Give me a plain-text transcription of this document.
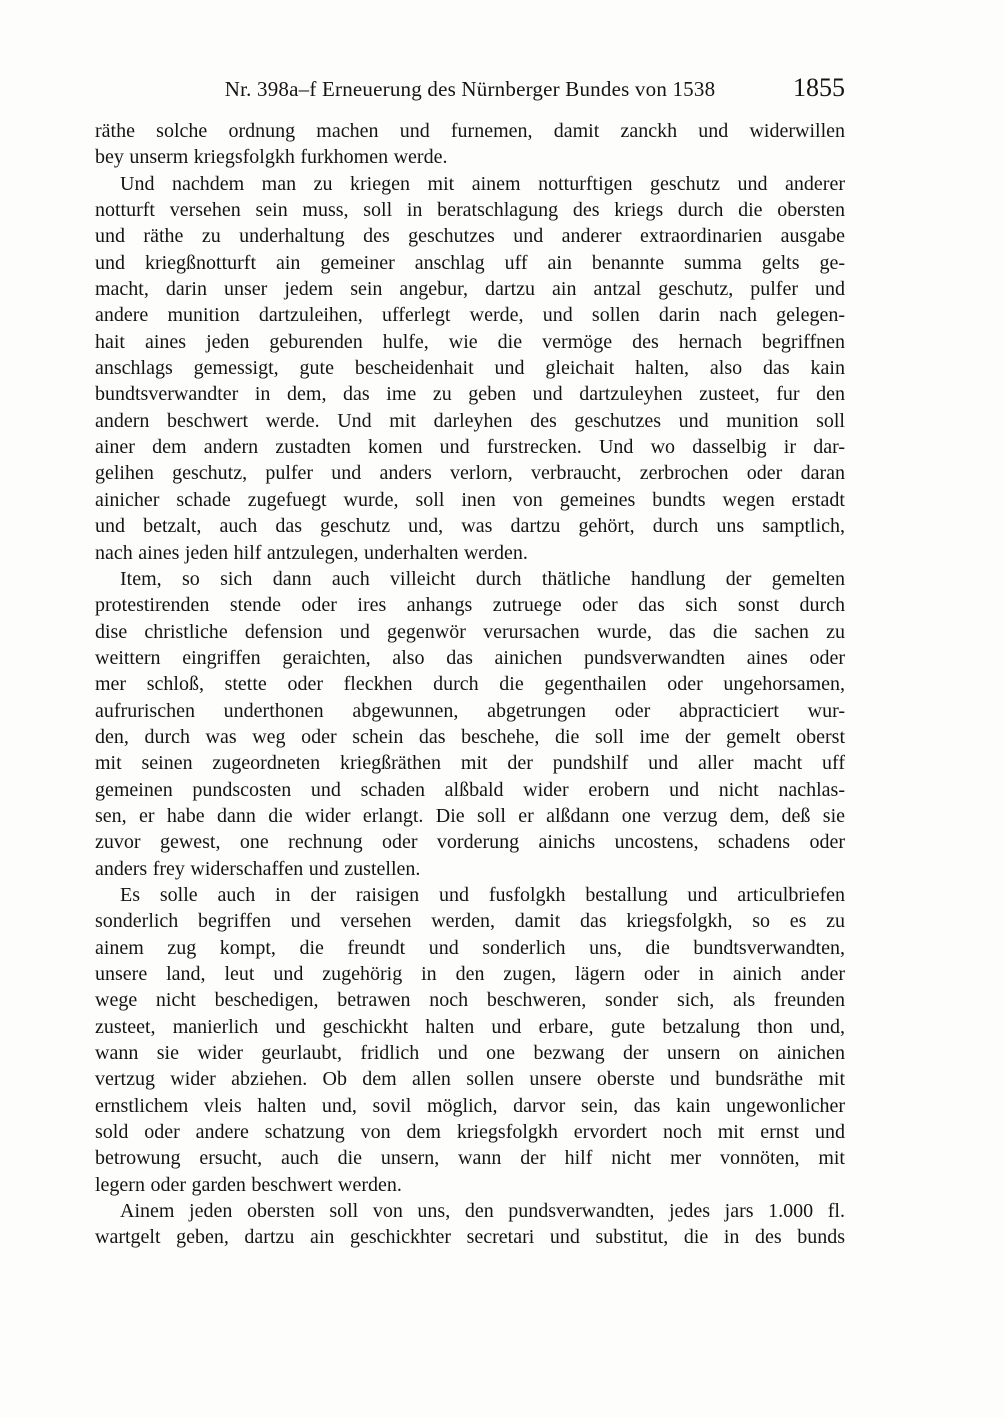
Nr. 398a–f Erneuerung des Nürnberger Bundes von 1538	1855
räthe solche ordnung machen und furnemen, damit zanckh und widerwillen
bey unserm kriegsfolgkh furkhomen werde.
Und nachdem man zu kriegen mit ainem notturftigen geschutz und anderer
notturft versehen sein muss, soll in beratschlagung des kriegs durch die obersten
und räthe zu underhaltung des geschutzes und anderer extraordinarien ausgabe
und kriegßnotturft ain gemeiner anschlag uff ain benannte summa gelts ge-
macht, darin unser jedem sein angebur, dartzu ain antzal geschutz, pulfer und
andere munition dartzuleihen, ufferlegt werde, und sollen darin nach gelegen-
hait aines jeden geburenden hulfe, wie die vermöge des hernach begriffnen
anschlags gemessigt, gute bescheidenhait und gleichait halten, also das kain
bundtsverwandter in dem, das ime zu geben und dartzuleyhen zusteet, fur den
andern beschwert werde. Und mit darleyhen des geschutzes und munition soll
ainer dem andern zustadten komen und furstrecken. Und wo dasselbig ir dar-
gelihen geschutz, pulfer und anders verlorn, verbraucht, zerbrochen oder daran
ainicher schade zugefuegt wurde, soll inen von gemeines bundts wegen erstadt
und betzalt, auch das geschutz und, was dartzu gehört, durch uns samptlich,
nach aines jeden hilf antzulegen, underhalten werden.
Item, so sich dann auch villeicht durch thätliche handlung der gemelten
protestirenden stende oder ires anhangs zutruege oder das sich sonst durch
dise christliche defension und gegenwör verursachen wurde, das die sachen zu
weittern eingriffen geraichten, also das ainichen pundsverwandten aines oder
mer schloß, stette oder fleckhen durch die gegenthailen oder ungehorsamen,
aufrurischen underthonen abgewunnen, abgetrungen oder abpracticiert wur-
den, durch was weg oder schein das beschehe, die soll ime der gemelt oberst
mit seinen zugeordneten kriegßräthen mit der pundshilf und aller macht uff
gemeinen pundscosten und schaden alßbald wider erobern und nicht nachlas-
sen, er habe dann die wider erlangt. Die soll er alßdann one verzug dem, deß sie
zuvor gewest, one rechnung oder vorderung ainichs uncostens, schadens oder
anders frey widerschaffen und zustellen.
Es solle auch in der raisigen und fusfolgkh bestallung und articulbriefen
sonderlich begriffen und versehen werden, damit das kriegsfolgkh, so es zu
ainem zug kompt, die freundt und sonderlich uns, die bundtsverwandten,
unsere land, leut und zugehörig in den zugen, lägern oder in ainich ander
wege nicht beschedigen, betrawen noch beschweren, sonder sich, als freunden
zusteet, manierlich und geschickht halten und erbare, gute betzalung thon und,
wann sie wider geurlaubt, fridlich und one bezwang der unsern on ainichen
vertzug wider abziehen. Ob dem allen sollen unsere oberste und bundsräthe mit
ernstlichem vleis halten und, sovil möglich, darvor sein, das kain ungewonlicher
sold oder andere schatzung von dem kriegsfolgkh ervordert noch mit ernst und
betrowung ersucht, auch die unsern, wann der hilf nicht mer vonnöten, mit
legern oder garden beschwert werden.
Ainem jeden obersten soll von uns, den pundsverwandten, jedes jars 1.000 fl.
wartgelt geben, dartzu ain geschickhter secretari und substitut, die in des bunds
